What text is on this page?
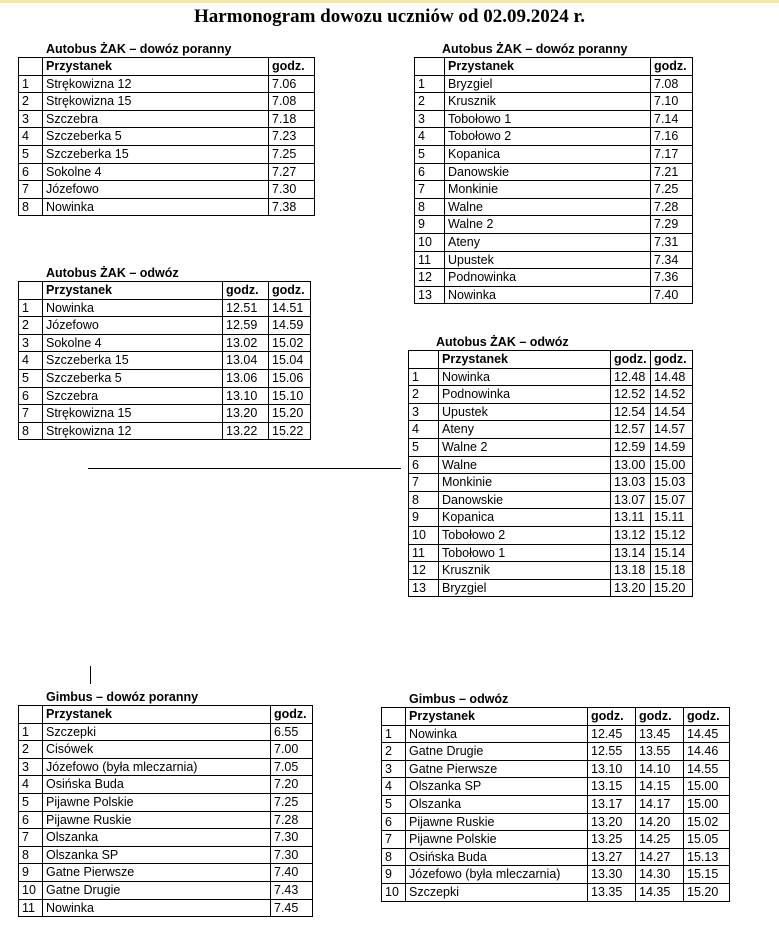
Harmonogram dowozu uczniów od 02.09.2024 r.
Autobus ŻAK – dowóz poranny
	Przystanek	godz.
1	Strękowizna 12	7.06
2	Strękowizna 15	7.08
3	Szczebra	7.18
4	Szczeberka 5	7.23
5	Szczeberka 15	7.25
6	Sokolne 4	7.27
7	Józefowo	7.30
8	Nowinka	7.38
Autobus ŻAK – dowóz poranny
	Przystanek	godz.
1	Bryzgiel	7.08
2	Krusznik	7.10
3	Tobołowo 1	7.14
4	Tobołowo 2	7.16
5	Kopanica	7.17
6	Danowskie	7.21
7	Monkinie	7.25
8	Walne	7.28
9	Walne 2	7.29
10	Ateny	7.31
11	Upustek	7.34
12	Podnowinka	7.36
13	Nowinka	7.40
Autobus ŻAK – odwóz
	Przystanek	godz.	godz.
1	Nowinka	12.51	14.51
2	Józefowo	12.59	14.59
3	Sokolne 4	13.02	15.02
4	Szczeberka 15	13.04	15.04
5	Szczeberka 5	13.06	15.06
6	Szczebra	13.10	15.10
7	Strękowizna 15	13.20	15.20
8	Strękowizna 12	13.22	15.22
Autobus ŻAK – odwóz
	Przystanek	godz.	godz.
1	Nowinka	12.48	14.48
2	Podnowinka	12.52	14.52
3	Upustek	12.54	14.54
4	Ateny	12.57	14.57
5	Walne 2	12.59	14.59
6	Walne	13.00	15.00
7	Monkinie	13.03	15.03
8	Danowskie	13.07	15.07
9	Kopanica	13.11	15.11
10	Tobołowo 2	13.12	15.12
11	Tobołowo 1	13.14	15.14
12	Krusznik	13.18	15.18
13	Bryzgiel	13.20	15.20
Gimbus – dowóz poranny
	Przystanek	godz.
1	Szczepki	6.55
2	Cisówek	7.00
3	Józefowo (była mleczarnia)	7.05
4	Osińska Buda	7.20
5	Pijawne Polskie	7.25
6	Pijawne Ruskie	7.28
7	Olszanka	7.30
8	Olszanka SP	7.30
9	Gatne Pierwsze	7.40
10	Gatne Drugie	7.43
11	Nowinka	7.45
Gimbus – odwóz
	Przystanek	godz.	godz.	godz.
1	Nowinka	12.45	13.45	14.45
2	Gatne Drugie	12.55	13.55	14.46
3	Gatne Pierwsze	13.10	14.10	14.55
4	Olszanka SP	13.15	14.15	15.00
5	Olszanka	13.17	14.17	15.00
6	Pijawne Ruskie	13.20	14.20	15.02
7	Pijawne Polskie	13.25	14.25	15.05
8	Osińska Buda	13.27	14.27	15.13
9	Józefowo (była mleczarnia)	13.30	14.30	15.15
10	Szczepki	13.35	14.35	15.20
